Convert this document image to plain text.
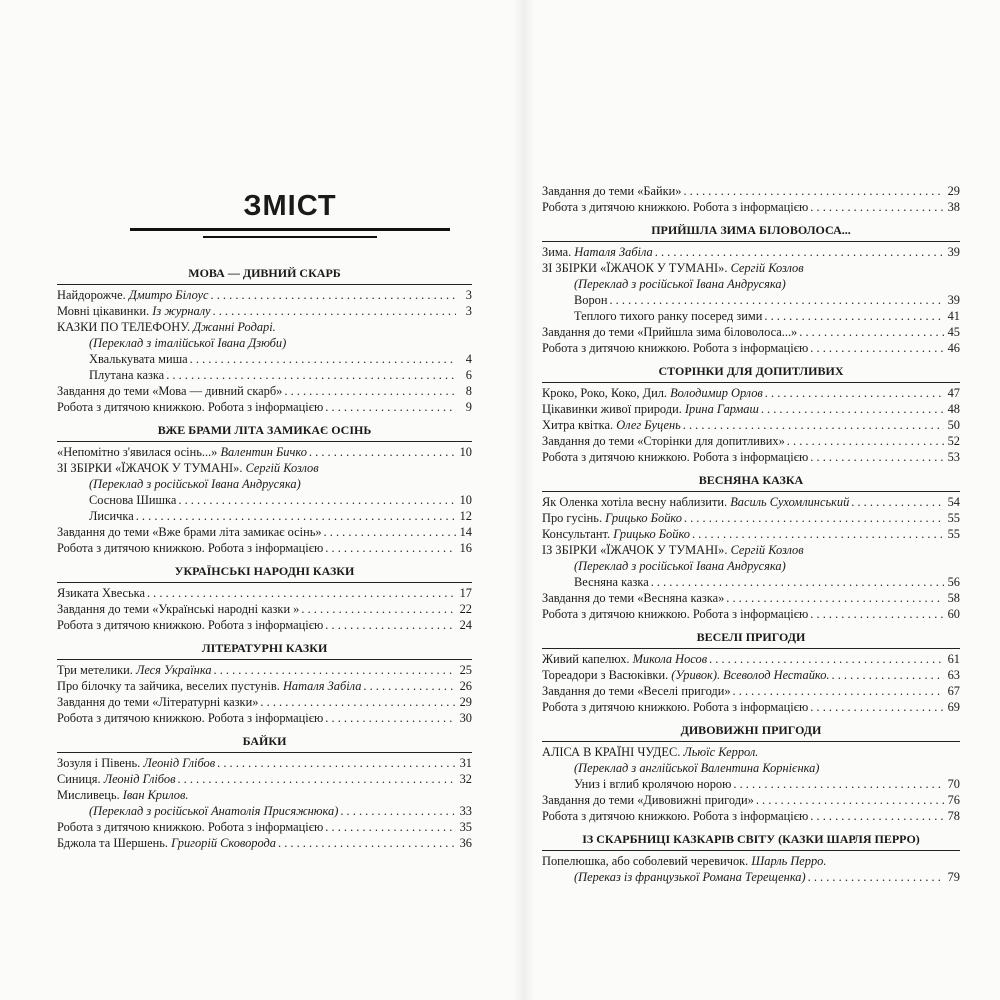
ЗМІСТ
МОВА — ДИВНИЙ СКАРБ
Найдорожче. Дмитро Білоус . . .	3
Мовні цікавинки. Із журналу . . .	3
КАЗКИ ПО ТЕЛЕФОНУ. Джанні Родарі.
(Переклад з італійської Івана Дзюби)
Хвалькувата миша . . .	4
Плутана казка . . .	6
Завдання до теми «Мова — дивний скарб» . . .	8
Робота з дитячою книжкою. Робота з інформацією . . .	9
ВЖЕ БРАМИ ЛІТА ЗАМИКАЄ ОСІНЬ
«Непомітно з'явилася осінь...» Валентин Бичко . . .	10
ЗІ ЗБІРКИ «ЇЖАЧОК У ТУМАНІ». Сергій Козлов
(Переклад з російської Івана Андрусяка)
Соснова Шишка . . .	10
Лисичка . . .	12
Завдання до теми «Вже брами літа замикає осінь» . . .	14
Робота з дитячою книжкою. Робота з інформацією . . .	16
УКРАЇНСЬКІ НАРОДНІ КАЗКИ
Язиката Хвеська . . .	17
Завдання до теми «Українські народні казки » . . .	22
Робота з дитячою книжкою. Робота з інформацією . . .	24
ЛІТЕРАТУРНІ КАЗКИ
Три метелики. Леся Українка . . .	25
Про білочку та зайчика, веселих пустунів. Наталя Забіла . . .	26
Завдання до теми «Літературні казки» . . .	29
Робота з дитячою книжкою. Робота з інформацією . . .	30
БАЙКИ
Зозуля і Півень. Леонід Глібов . . .	31
Синиця. Леонід Глібов . . .	32
Мисливець. Іван Крилов.
(Переклад з російської Анатолія Присяжнюка) . . .	33
Робота з дитячою книжкою. Робота з інформацією . . .	35
Бджола та Шершень. Григорій Сковорода . . .	36
Завдання до теми «Байки» . . .	29
Робота з дитячою книжкою. Робота з інформацією . . .	38
ПРИЙШЛА ЗИМА БІЛОВОЛОСА...
Зима. Наталя Забіла . . .	39
ЗІ ЗБІРКИ «ЇЖАЧОК У ТУМАНІ». Сергій Козлов
(Переклад з російської Івана Андрусяка)
Ворон . . .	39
Теплого тихого ранку посеред зими . . .	41
Завдання до теми «Прийшла зима біловолоса...» . . .	45
Робота з дитячою книжкою. Робота з інформацією . . .	46
СТОРІНКИ ДЛЯ ДОПИТЛИВИХ
Кроко, Роко, Коко, Дил. Володимир Орлов . . .	47
Цікавинки живої природи. Ірина Гармаш . . .	48
Хитра квітка. Олег Буцень . . .	50
Завдання до теми «Сторінки для допитливих» . . .	52
Робота з дитячою книжкою. Робота з інформацією . . .	53
ВЕСНЯНА КАЗКА
Як Оленка хотіла весну наблизити. Василь Сухомлинський . . .	54
Про гусінь. Грицько Бойко . . .	55
Консультант. Грицько Бойко . . .	55
ІЗ ЗБІРКИ «ЇЖАЧОК У ТУМАНІ». Сергій Козлов
(Переклад з російської Івана Андрусяка)
Весняна казка . . .	56
Завдання до теми «Весняна казка» . . .	58
Робота з дитячою книжкою. Робота з інформацією . . .	60
ВЕСЕЛІ ПРИГОДИ
Живий капелюх. Микола Носов . . .	61
Тореадори з Васюківки. (Уривок). Всеволод Нестайко. . . .	63
Завдання до теми «Веселі пригоди» . . .	67
Робота з дитячою книжкою. Робота з інформацією . . .	69
ДИВОВИЖНІ ПРИГОДИ
АЛІСА В КРАЇНІ ЧУДЕС. Льюїс Керрол.
(Переклад з англійської Валентина Корнієнка)
Униз і вглиб кролячою норою . . .	70
Завдання до теми «Дивовижні пригоди» . . .	76
Робота з дитячою книжкою. Робота з інформацією . . .	78
ІЗ СКАРБНИЦІ КАЗКАРІВ СВІТУ (КАЗКИ ШАРЛЯ ПЕРРО)
Попелюшка, або соболевий черевичок. Шарль Перро.
(Переказ із французької Романа Терещенка) . . .	79
